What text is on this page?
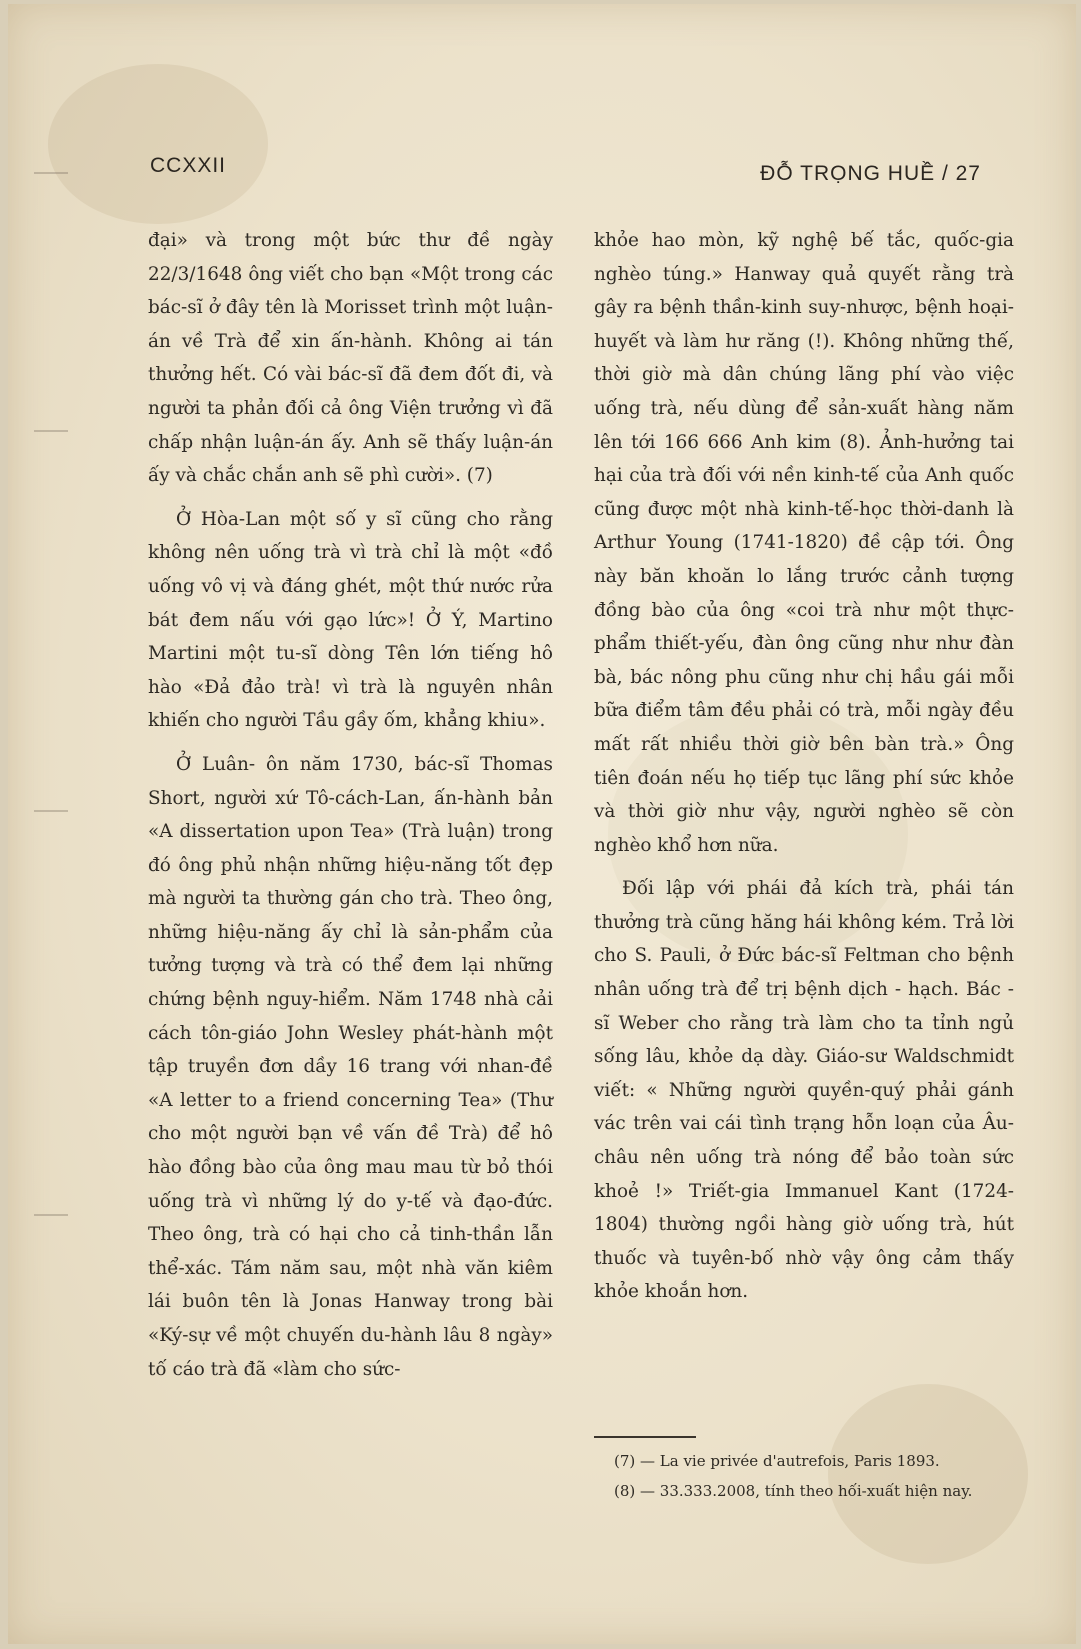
CCXXII	ĐỖ TRỌNG HUỀ / 27

đại» và trong một bức thư đề ngày 22/3/1648 ông viết cho bạn «Một trong các bác-sĩ ở đây tên là Morisset trình một luận-án về Trà để xin ấn-hành. Không ai tán thưởng hết. Có vài bác-sĩ đã đem đốt đi, và người ta phản đối cả ông Viện trưởng vì đã chấp nhận luận-án ấy. Anh sẽ thấy luận-án ấy và chắc chắn anh sẽ phì cười». (7)

Ở Hòa-Lan một số y sĩ cũng cho rằng không nên uống trà vì trà chỉ là một «đồ uống vô vị và đáng ghét, một thứ nước rửa bát đem nấu với gạo lức»! Ở Ý, Martino Martini một tu-sĩ dòng Tên lớn tiếng hô hào «Đả đảo trà! vì trà là nguyên nhân khiến cho người Tầu gầy ốm, khẳng khiu».

Ở Luân- ôn năm 1730, bác-sĩ Thomas Short, người xứ Tô-cách-Lan, ấn-hành bản «A dissertation upon Tea» (Trà luận) trong đó ông phủ nhận những hiệu-năng tốt đẹp mà người ta thường gán cho trà. Theo ông, những hiệu-năng ấy chỉ là sản-phẩm của tưởng tượng và trà có thể đem lại những chứng bệnh nguy-hiểm. Năm 1748 nhà cải cách tôn-giáo John Wesley phát-hành một tập truyền đơn dầy 16 trang với nhan-đề «A letter to a friend concerning Tea» (Thư cho một người bạn về vấn đề Trà) để hô hào đồng bào của ông mau mau từ bỏ thói uống trà vì những lý do y-tế và đạo-đức. Theo ông, trà có hại cho cả tinh-thần lẫn thể-xác. Tám năm sau, một nhà văn kiêm lái buôn tên là Jonas Hanway trong bài «Ký-sự về một chuyến du-hành lâu 8 ngày» tố cáo trà đã «làm cho sức-

khỏe hao mòn, kỹ nghệ bế tắc, quốc-gia nghèo túng.» Hanway quả quyết rằng trà gây ra bệnh thần-kinh suy-nhược, bệnh hoại-huyết và làm hư răng (!). Không những thế, thời giờ mà dân chúng lãng phí vào việc uống trà, nếu dùng để sản-xuất hàng năm lên tới 166 666 Anh kim (8). Ảnh-hưởng tai hại của trà đối với nền kinh-tế của Anh quốc cũng được một nhà kinh-tế-học thời-danh là Arthur Young (1741-1820) đề cập tới. Ông này băn khoăn lo lắng trước cảnh tượng đồng bào của ông «coi trà như một thực-phẩm thiết-yếu, đàn ông cũng như như đàn bà, bác nông phu cũng như chị hầu gái mỗi bữa điểm tâm đều phải có trà, mỗi ngày đều mất rất nhiều thời giờ bên bàn trà.» Ông tiên đoán nếu họ tiếp tục lãng phí sức khỏe và thời giờ như vậy, người nghèo sẽ còn nghèo khổ hơn nữa.

Đối lập với phái đả kích trà, phái tán thưởng trà cũng hăng hái không kém. Trả lời cho S. Pauli, ở Đức bác-sĩ Feltman cho bệnh nhân uống trà để trị bệnh dịch - hạch. Bác - sĩ Weber cho rằng trà làm cho ta tỉnh ngủ sống lâu, khỏe dạ dày. Giáo-sư Waldschmidt viết: « Những người quyền-quý phải gánh vác trên vai cái tình trạng hỗn loạn của Âu-châu nên uống trà nóng để bảo toàn sức khoẻ !» Triết-gia Immanuel Kant (1724-1804) thường ngồi hàng giờ uống trà, hút thuốc và tuyên-bố nhờ vậy ông cảm thấy khỏe khoắn hơn.

(7) — La vie privée d'autrefois, Paris 1893.

(8) — 33.333.2008, tính theo hối-xuất hiện nay.
